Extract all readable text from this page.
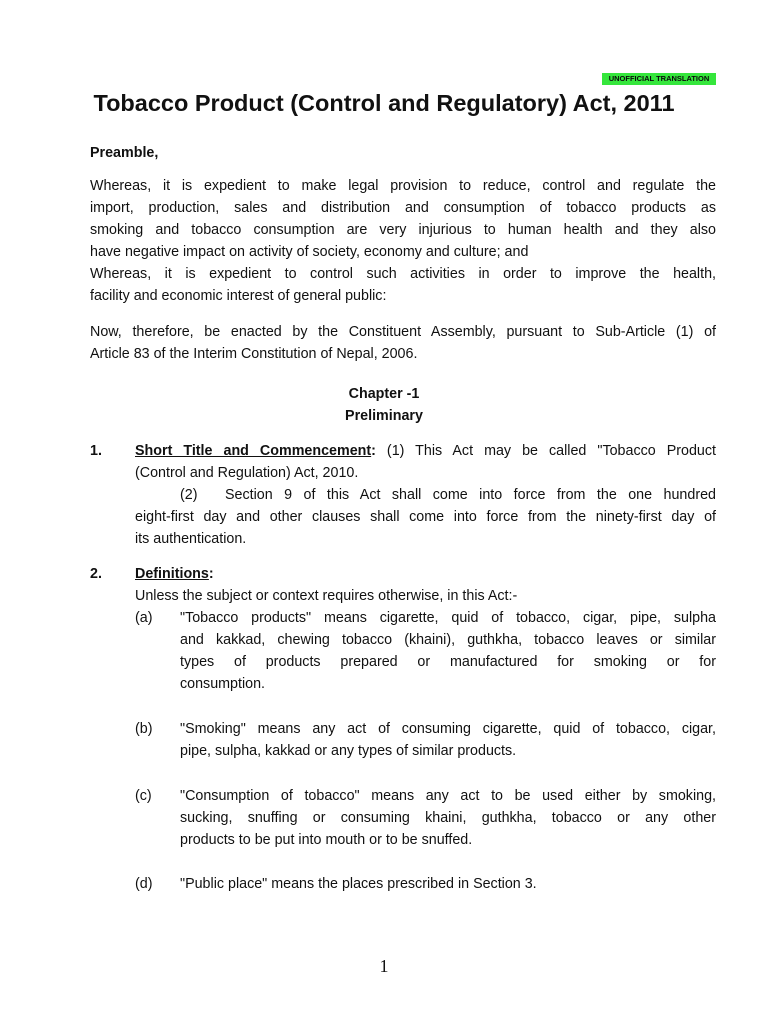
UNOFFICIAL TRANSLATION
Tobacco Product (Control and Regulatory) Act, 2011
Preamble,
Whereas, it is expedient to make legal provision to reduce, control and regulate the
import, production, sales and distribution and consumption of tobacco products as
smoking and tobacco consumption are very injurious to human health and they also
have negative impact on activity of society, economy and culture; and
Whereas, it is expedient to control such activities in order to improve the health,
facility and economic interest of general public:
Now, therefore, be enacted by the Constituent Assembly, pursuant to Sub-Article (1) of
Article 83 of the Interim Constitution of Nepal, 2006.
Chapter -1
Preliminary
1. Short Title and Commencement: (1) This Act may be called "Tobacco Product
(Control and Regulation) Act, 2010.
(2) Section 9 of this Act shall come into force from the one hundred
eight-first day and other clauses shall come into force from the ninety-first day of
its authentication.
2. Definitions:
Unless the subject or context requires otherwise, in this Act:-
(a) "Tobacco products" means cigarette, quid of tobacco, cigar, pipe, sulpha
and kakkad, chewing tobacco (khaini), guthkha, tobacco leaves or similar
types of products prepared or manufactured for smoking or for
consumption.
(b) "Smoking" means any act of consuming cigarette, quid of tobacco, cigar,
pipe, sulpha, kakkad or any types of similar products.
(c) "Consumption of tobacco" means any act to be used either by smoking,
sucking, snuffing or consuming khaini, guthkha, tobacco or any other
products to be put into mouth or to be snuffed.
(d) "Public place" means the places prescribed in Section 3.
1
